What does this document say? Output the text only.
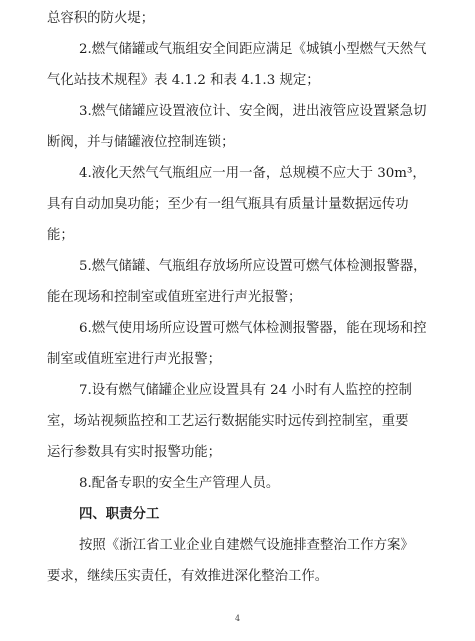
总容积的防火堤；
2.燃气储罐或气瓶组安全间距应满足《城镇小型燃气天然气
气化站技术规程》表 4.1.2 和表 4.1.3 规定；
3.燃气储罐应设置液位计、安全阀，进出液管应设置紧急切
断阀，并与储罐液位控制连锁；
4.液化天然气气瓶组应一用一备，总规模不应大于 30m³，
具有自动加臭功能；至少有一组气瓶具有质量计量数据远传功
能；
5.燃气储罐、气瓶组存放场所应设置可燃气体检测报警器，
能在现场和控制室或值班室进行声光报警；
6.燃气使用场所应设置可燃气体检测报警器，能在现场和控
制室或值班室进行声光报警；
7.设有燃气储罐企业应设置具有 24 小时有人监控的控制
室，场站视频监控和工艺运行数据能实时远传到控制室，重要
运行参数具有实时报警功能；
8.配备专职的安全生产管理人员。
四、职责分工
按照《浙江省工业企业自建燃气设施排查整治工作方案》
要求，继续压实责任，有效推进深化整治工作。
4
